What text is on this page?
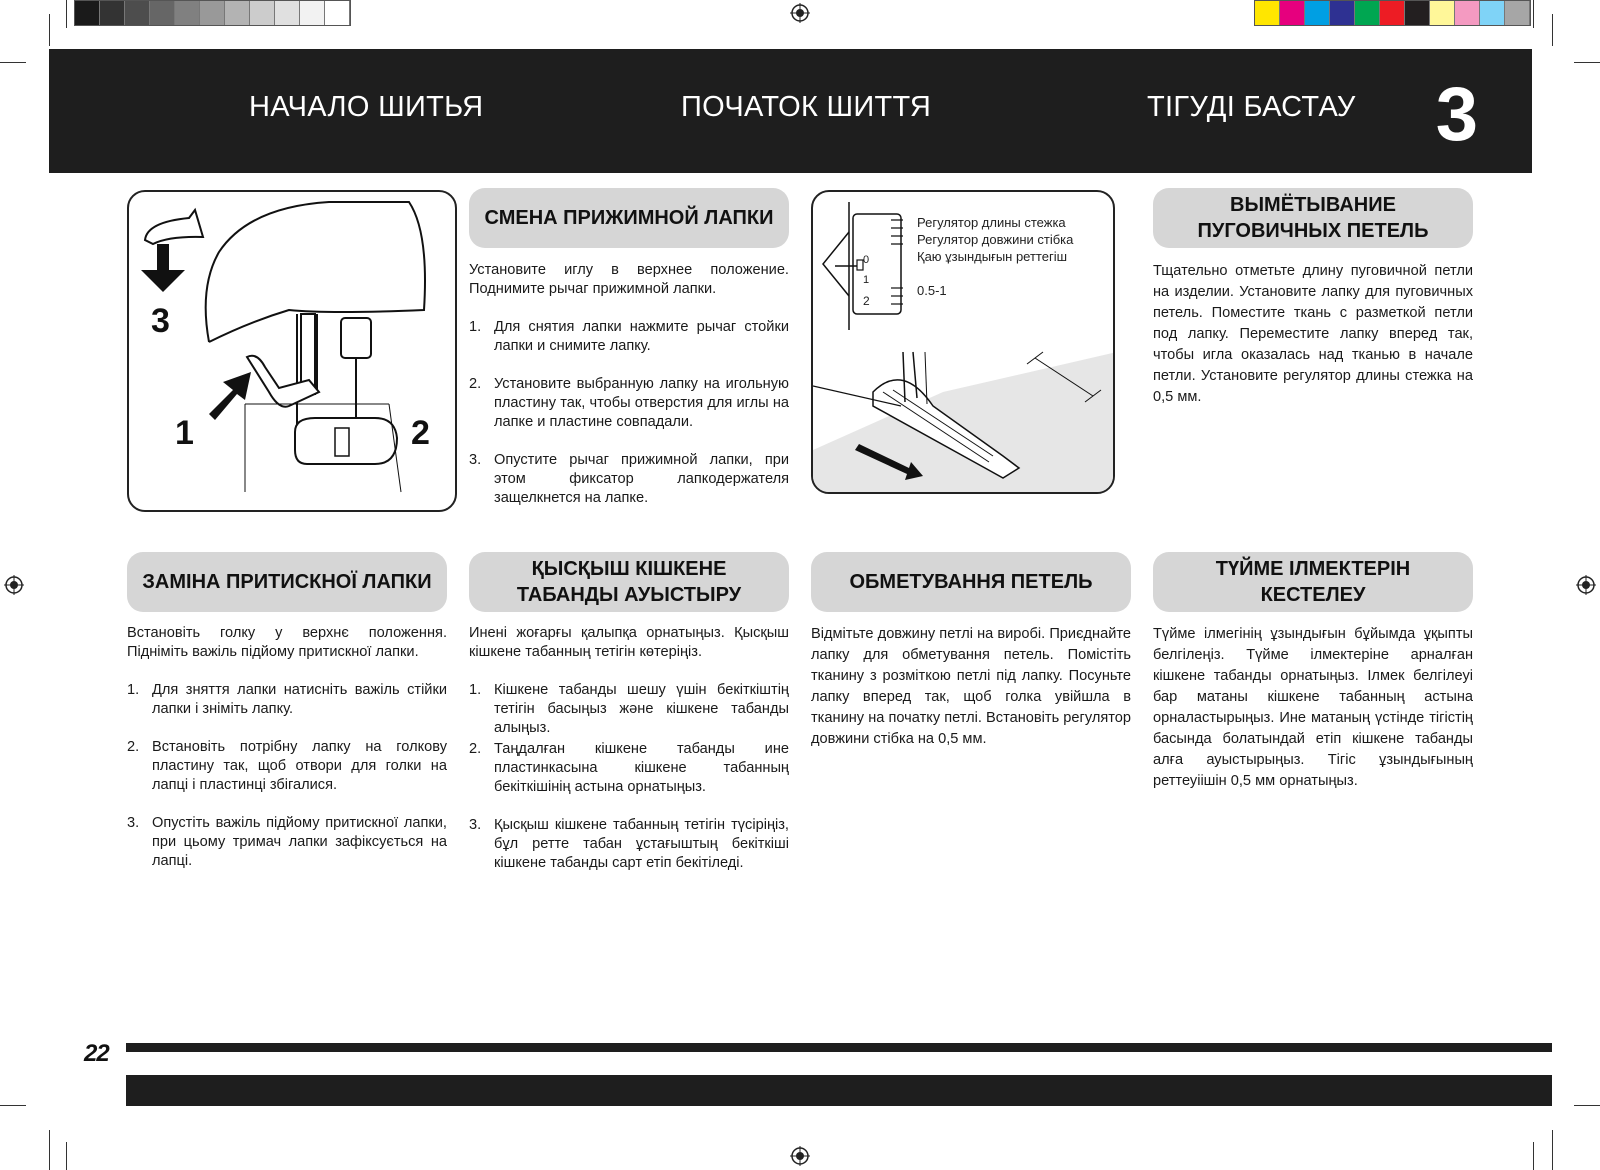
НАЧАЛО ШИТЬЯ	ПОЧАТОК ШИТТЯ	ТІГУДІ БАСТАУ 3
3
1	2
0
1
2
Регулятор длины стежка
Регулятор довжини стібка
Қаю ұзындығын реттегіш
0.5-1
СМЕНА ПРИЖИМНОЙ ЛАПКИ
Установите иглу в верхнее положение. Поднимите рычаг прижимной лапки.
1. Для снятия лапки нажмите рычаг стойки лапки и снимите лапку.
2. Установите выбранную лапку на игольную пластину так, чтобы отверстия для иглы на лапке и пластине совпадали.
3. Опустите рычаг прижимной лапки, при этом фиксатор лапкодержателя защелкнется на лапке.
ВЫМЁТЫВАНИЕ ПУГОВИЧНЫХ ПЕТЕЛЬ
Тщательно отметьте длину пуговичной петли на изделии. Установите лапку для пуговичных петель. Поместите ткань с разметкой петли под лапку. Переместите лапку вперед так, чтобы игла оказалась над тканью в начале петли. Установите регулятор длины стежка на 0,5 мм.
ЗАМІНА ПРИТИСКНОЇ ЛАПКИ
Встановіть голку у верхнє положення. Підніміть важіль підйому притискної лапки.
1. Для зняття лапки натисніть важіль стійки лапки і зніміть лапку.
2. Встановіть потрібну лапку на голкову пластину так, щоб отвори для голки на лапці і пластинці збігалися.
3. Опустіть важіль підйому притискної лапки, при цьому тримач лапки зафіксується на лапці.
ҚЫСҚЫШ КІШКЕНЕ ТАБАНДЫ АУЫСТЫРУ
Инені жоғарғы қалыпқа орнатыңыз. Қысқыш кішкене табанның тетігін көтеріңіз.
1. Кішкене табанды шешу үшін бекіткіштің тетігін басыңыз және кішкене табанды алыңыз.
2. Таңдалған кішкене табанды ине пластинкасына кішкене табанның бекіткішінің астына орнатыңыз.
3. Қысқыш кішкене табанның тетігін түсіріңіз, бұл ретте табан ұстағыштың бекіткіші кішкене табанды сарт етіп бекітіледі.
ОБМЕТУВАННЯ ПЕТЕЛЬ
Відмітьте довжину петлі на виробі. Приєднайте лапку для обметування петель. Помістіть тканину з розміткою петлі під лапку. Посуньте лапку вперед так, щоб голка увійшла в тканину на початку петлі. Встановіть регулятор довжини стібка на 0,5 мм.
ТҮЙМЕ ІЛМЕКТЕРІН КЕСТЕЛЕУ
Түйме ілмегінің ұзындығын бұйымда ұқыпты белгілеңіз. Түйме ілмектеріне арналған кішкене табанды орнатыңыз. Ілмек белгілеуі бар матаны кішкене табанның астына орналастырыңыз. Ине матаның үстінде тігістің басында болатындай етіп кішкене табанды алға ауыстырыңыз. Тігіс ұзындығының реттеуіішін 0,5 мм орнатыңыз.
22
